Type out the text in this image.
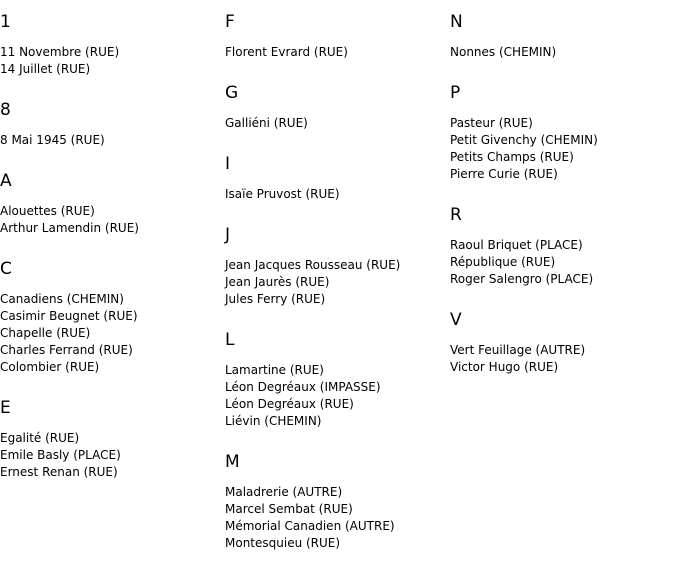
1
11 Novembre (RUE)
14 Juillet (RUE)
8
8 Mai 1945 (RUE)
A
Alouettes (RUE)
Arthur Lamendin (RUE)
C
Canadiens (CHEMIN)
Casimir Beugnet (RUE)
Chapelle (RUE)
Charles Ferrand (RUE)
Colombier (RUE)
E
Egalité (RUE)
Emile Basly (PLACE)
Ernest Renan (RUE)
F
Florent Evrard (RUE)
G
Galliéni (RUE)
I
Isaïe Pruvost (RUE)
J
Jean Jacques Rousseau (RUE)
Jean Jaurès (RUE)
Jules Ferry (RUE)
L
Lamartine (RUE)
Léon Degréaux (IMPASSE)
Léon Degréaux (RUE)
Liévin (CHEMIN)
M
Maladrerie (AUTRE)
Marcel Sembat (RUE)
Mémorial Canadien (AUTRE)
Montesquieu (RUE)
N
Nonnes (CHEMIN)
P
Pasteur (RUE)
Petit Givenchy (CHEMIN)
Petits Champs (RUE)
Pierre Curie (RUE)
R
Raoul Briquet (PLACE)
République (RUE)
Roger Salengro (PLACE)
V
Vert Feuillage (AUTRE)
Victor Hugo (RUE)
